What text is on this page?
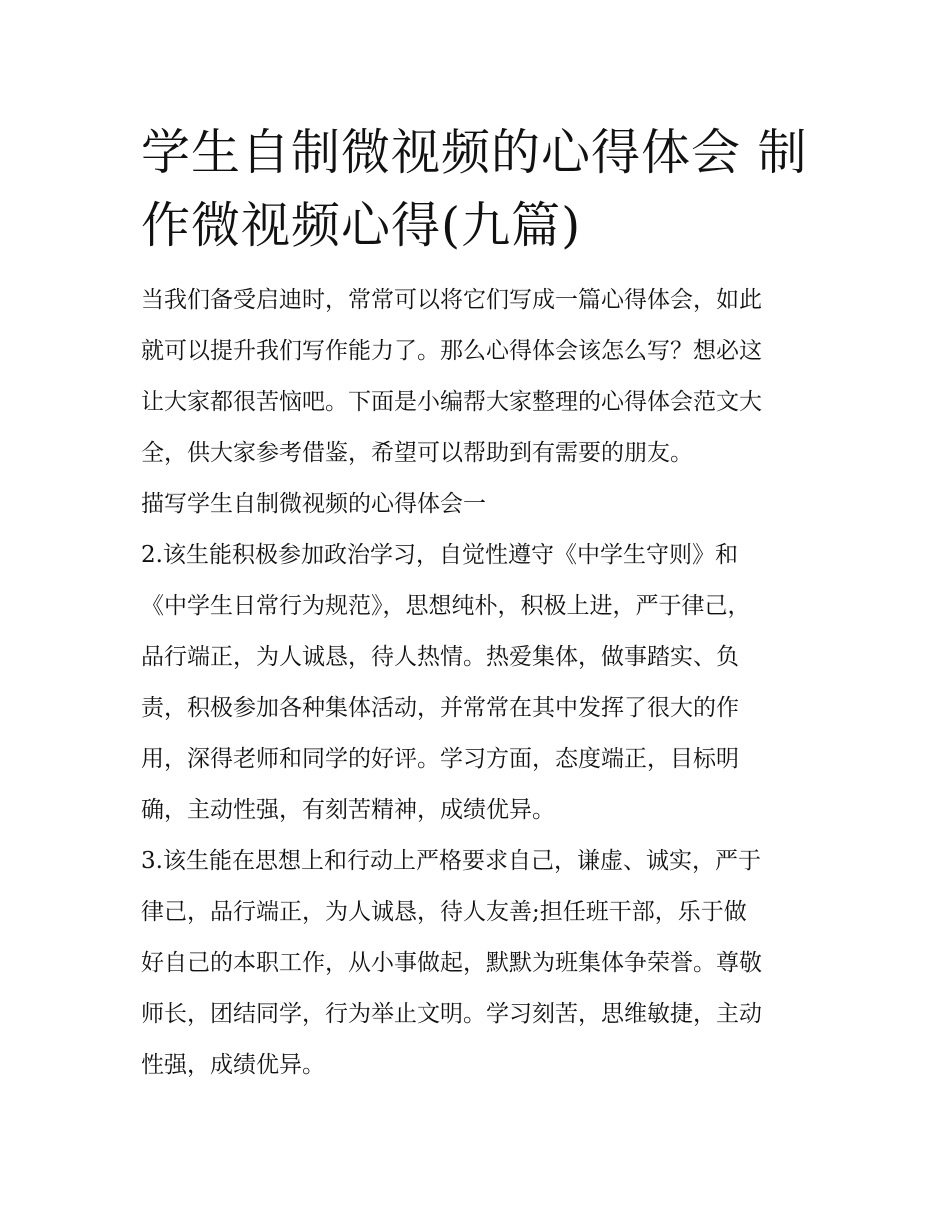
学生自制微视频的心得体会 制
作微视频心得(九篇)
当我们备受启迪时，常常可以将它们写成一篇心得体会，如此
就可以提升我们写作能力了。那么心得体会该怎么写？想必这
让大家都很苦恼吧。下面是小编帮大家整理的心得体会范文大
全，供大家参考借鉴，希望可以帮助到有需要的朋友。
描写学生自制微视频的心得体会一
2.该生能积极参加政治学习，自觉性遵守《中学生守则》和
《中学生日常行为规范》，思想纯朴，积极上进，严于律己，
品行端正，为人诚恳，待人热情。热爱集体，做事踏实、负
责，积极参加各种集体活动，并常常在其中发挥了很大的作
用，深得老师和同学的好评。学习方面，态度端正，目标明
确，主动性强，有刻苦精神，成绩优异。
3.该生能在思想上和行动上严格要求自己，谦虚、诚实，严于
律己，品行端正，为人诚恳，待人友善;担任班干部，乐于做
好自己的本职工作，从小事做起，默默为班集体争荣誉。尊敬
师长，团结同学，行为举止文明。学习刻苦，思维敏捷，主动
性强，成绩优异。
